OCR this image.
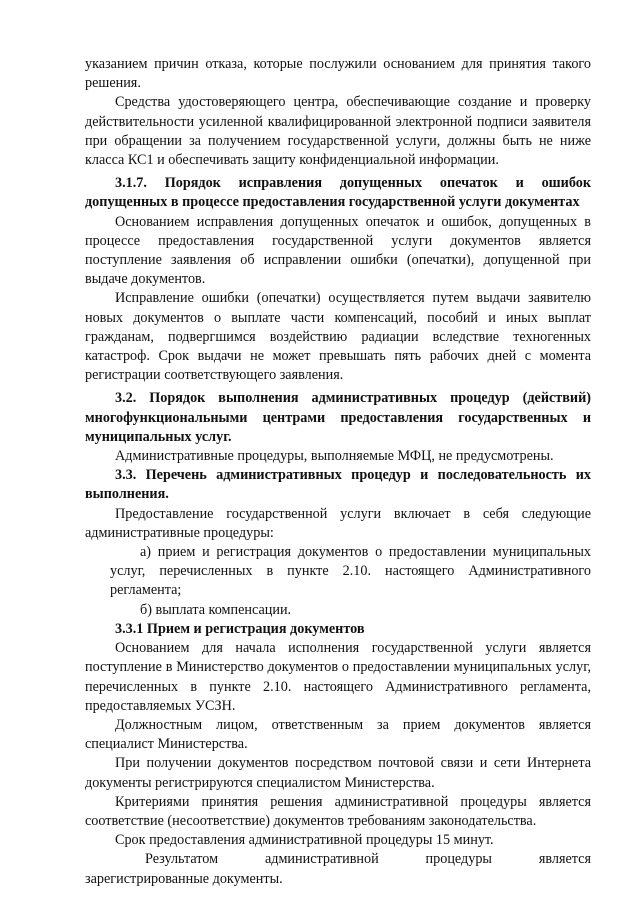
указанием причин отказа, которые послужили основанием для принятия такого решения.

Средства удостоверяющего центра, обеспечивающие создание и проверку действительности усиленной квалифицированной электронной подписи заявителя при обращении за получением государственной услуги, должны быть не ниже класса КС1 и обеспечивать защиту конфиденциальной информации.

3.1.7. Порядок исправления допущенных опечаток и ошибок допущенных в процессе предоставления государственной услуги документах

Основанием исправления допущенных опечаток и ошибок, допущенных в процессе предоставления государственной услуги документов является поступление заявления об исправлении ошибки (опечатки), допущенной при выдаче документов.

Исправление ошибки (опечатки) осуществляется путем выдачи заявителю новых документов о выплате части компенсаций, пособий и иных выплат гражданам, подвергшимся воздействию радиации вследствие техногенных катастроф. Срок выдачи не может превышать пять рабочих дней с момента регистрации соответствующего заявления.

3.2. Порядок выполнения административных процедур (действий) многофункциональными центрами предоставления государственных и муниципальных услуг.

Административные процедуры, выполняемые МФЦ, не предусмотрены.

3.3. Перечень административных процедур и последовательность их выполнения.

Предоставление государственной услуги включает в себя следующие административные процедуры:

а) прием и регистрация документов о предоставлении муниципальных услуг, перечисленных в пункте 2.10. настоящего Административного регламента;

б) выплата компенсации.

3.3.1 Прием и регистрация документов

Основанием для начала исполнения государственной услуги является поступление в Министерство документов о предоставлении муниципальных услуг, перечисленных в пункте 2.10. настоящего Административного регламента, предоставляемых УСЗН.

Должностным лицом, ответственным за прием документов является специалист Министерства.

При получении документов посредством почтовой связи и сети Интернета документы регистрируются специалистом Министерства.

Критериями принятия решения административной процедуры является соответствие (несоответствие) документов требованиям законодательства.

Срок предоставления административной процедуры 15 минут.

Результатом	административной	процедуры	является

зарегистрированные документы.
